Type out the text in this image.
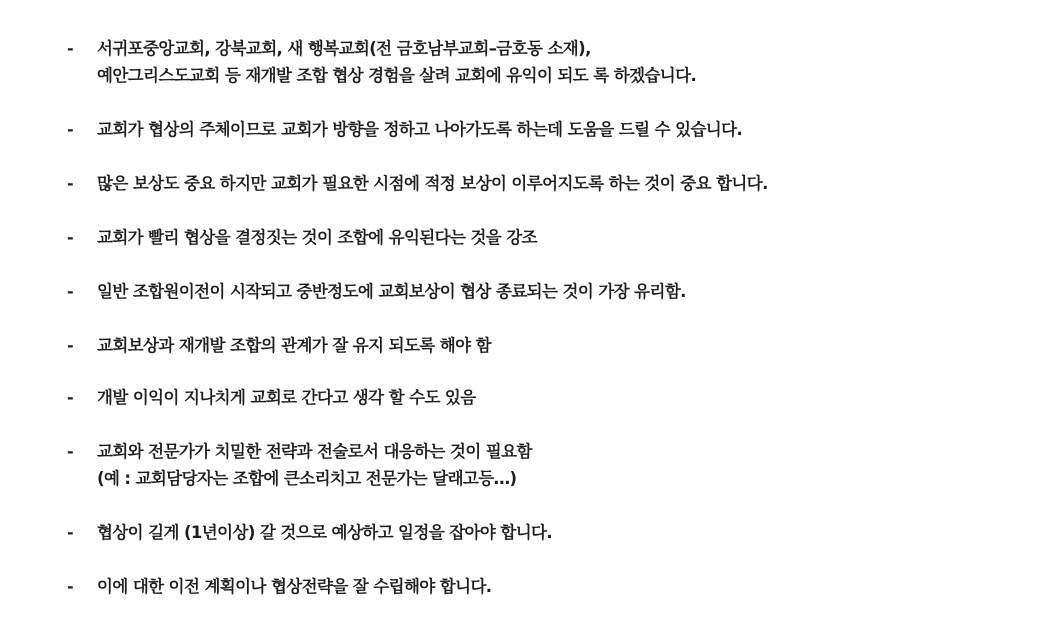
- 서귀포중앙교회, 강북교회, 새 행복교회(전 금호남부교회–금호동 소재),
예안그리스도교회 등 재개발 조합 협상 경험을 살려 교회에 유익이 되도 록 하겠습니다.
- 교회가 협상의 주체이므로 교회가 방향을 정하고 나아가도록 하는데 도움을 드릴 수 있습니다.
- 많은 보상도 중요 하지만 교회가 필요한 시점에 적정 보상이 이루어지도록 하는 것이 중요 합니다.
- 교회가 빨리 협상을 결정짓는 것이 조합에 유익된다는 것을 강조
- 일반 조합원이전이 시작되고 중반정도에 교회보상이 협상 종료되는 것이 가장 유리함.
- 교회보상과 재개발 조합의 관계가 잘 유지 되도록 해야 함
- 개발 이익이 지나치게 교회로 간다고 생각 할 수도 있음
- 교회와 전문가가 치밀한 전략과 전술로서 대응하는 것이 필요함
(예 : 교회담당자는 조합에 큰소리치고 전문가는 달래고등…)
- 협상이 길게 (1년이상) 갈 것으로 예상하고 일정을 잡아야 합니다.
- 이에 대한 이전 계획이나 협상전략을 잘 수립해야 합니다.
